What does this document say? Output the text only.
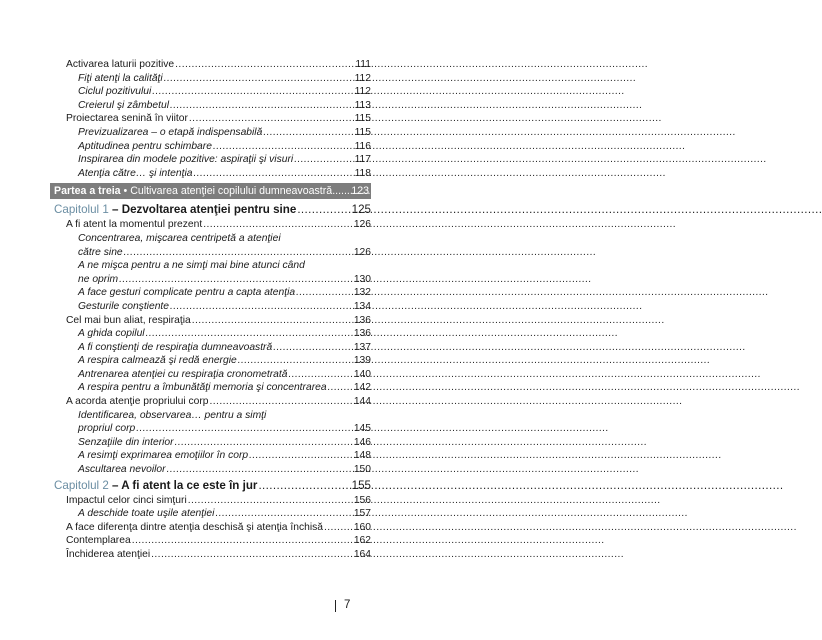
Activarea laturii pozitive .....	111
Fiţi atenţi la calităţi .....	112
Ciclul pozitivului .....	112
Creierul şi zâmbetul .....	113
Proiectarea senină în viitor .....	115
Previzualizarea – o etapă indispensabilă .....	115
Aptitudinea pentru schimbare .....	116
Inspirarea din modele pozitive: aspiraţii şi visuri .....	117
Atenţia către… şi intenţia .....	118
Partea a treia • Cultivarea atenţiei copilului dumneavoastră ..... 123
Capitolul 1 – Dezvoltarea atenţiei pentru sine .....	125
A fi atent la momentul prezent .....	126
Concentrarea, mişcarea centripetă a atenţiei
către sine .....	126
A ne mişca pentru a ne simţi mai bine atunci când
ne oprim .....	130
A face gesturi complicate pentru a capta atenţia .....	132
Gesturile conştiente .....	134
Cel mai bun aliat, respiraţia .....	136
A ghida copilul .....	136
A fi conştienţi de respiraţia dumneavoastră .....	137
A respira calmează şi redă energie .....	139
Antrenarea atenţiei cu respiraţia cronometrată .....	140
A respira pentru a îmbunătăţi memoria şi concentrarea .....	142
A acorda atenţie propriului corp .....	144
Identificarea, observarea… pentru a simţi
propriul corp .....	145
Senzaţiile din interior .....	146
A resimţi exprimarea emoţiilor în corp .....	148
Ascultarea nevoilor .....	150
Capitolul 2 – A fi atent la ce este în jur .....	155
Impactul celor cinci simţuri .....	156
A deschide toate uşile atenţiei .....	157
A face diferenţa dintre atenţia deschisă şi atenţia închisă .....	160
Contemplarea .....	162
Închiderea atenţiei .....	164
7
